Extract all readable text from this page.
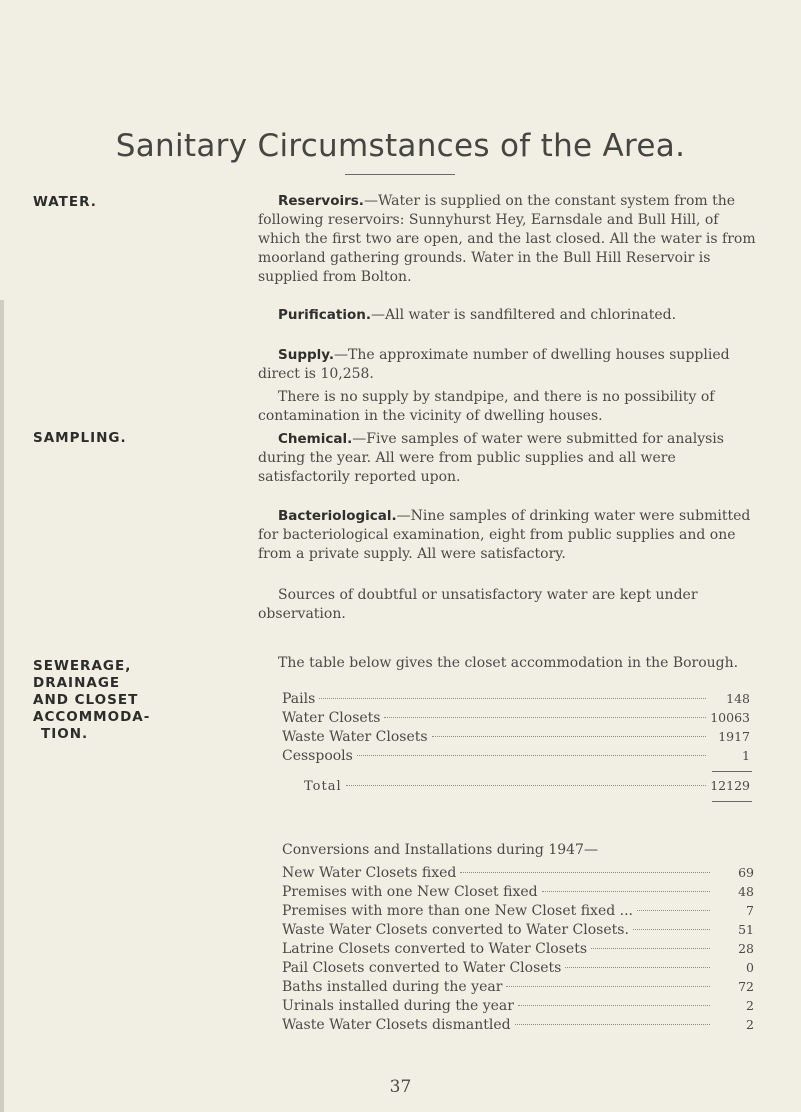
Sanitary Circumstances of the Area.
WATER.	Reservoirs.—Water is supplied on the constant system from the following reservoirs: Sunnyhurst Hey, Earnsdale and Bull Hill, of which the first two are open, and the last closed. All the water is from moorland gathering grounds. Water in the Bull Hill Reservoir is supplied from Bolton.
Purification.—All water is sandfiltered and chlorinated.
Supply.—The approximate number of dwelling houses supplied direct is 10,258.
There is no supply by standpipe, and there is no possibility of contamination in the vicinity of dwelling houses.
SAMPLING.	Chemical.—Five samples of water were submitted for analysis during the year. All were from public supplies and all were satisfactorily reported upon.
Bacteriological.—Nine samples of drinking water were submitted for bacteriological examination, eight from public supplies and one from a private supply. All were satisfactory.
Sources of doubtful or unsatisfactory water are kept under observation.
SEWERAGE,
DRAINAGE
AND CLOSET
ACCOMMODA-
TION.
The table below gives the closet accommodation in the Borough.
Pails	148
Water Closets	10063
Waste Water Closets	1917
Cesspools	1
Total	12129
Conversions and Installations during 1947—
New Water Closets fixed	69
Premises with one New Closet fixed	48
Premises with more than one New Closet fixed ...	7
Waste Water Closets converted to Water Closets.	51
Latrine Closets converted to Water Closets	28
Pail Closets converted to Water Closets	0
Baths installed during the year	72
Urinals installed during the year	2
Waste Water Closets dismantled	2
37
